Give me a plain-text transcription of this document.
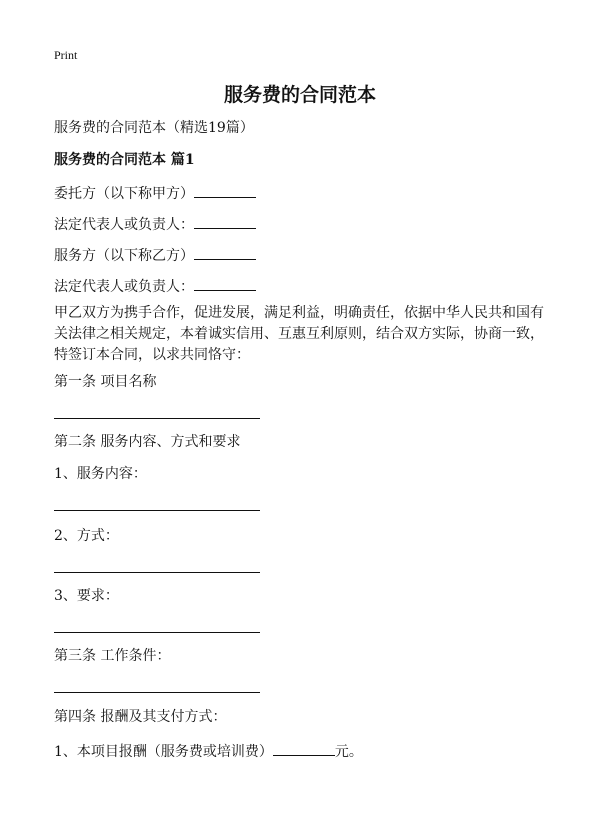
Print
服务费的合同范本
服务费的合同范本（精选19篇）
服务费的合同范本 篇1
委托方（以下称甲方）
法定代表人或负责人：
服务方（以下称乙方）
法定代表人或负责人：
甲乙双方为携手合作，促进发展，满足利益，明确责任，依据中华人民共和国有关法律之相关规定，本着诚实信用、互惠互利原则，结合双方实际，协商一致，特签订本合同，以求共同恪守：
第一条 项目名称
第二条 服务内容、方式和要求
1、服务内容：
2、方式：
3、要求：
第三条 工作条件：
第四条 报酬及其支付方式：
1、本项目报酬（服务费或培训费）	元。
